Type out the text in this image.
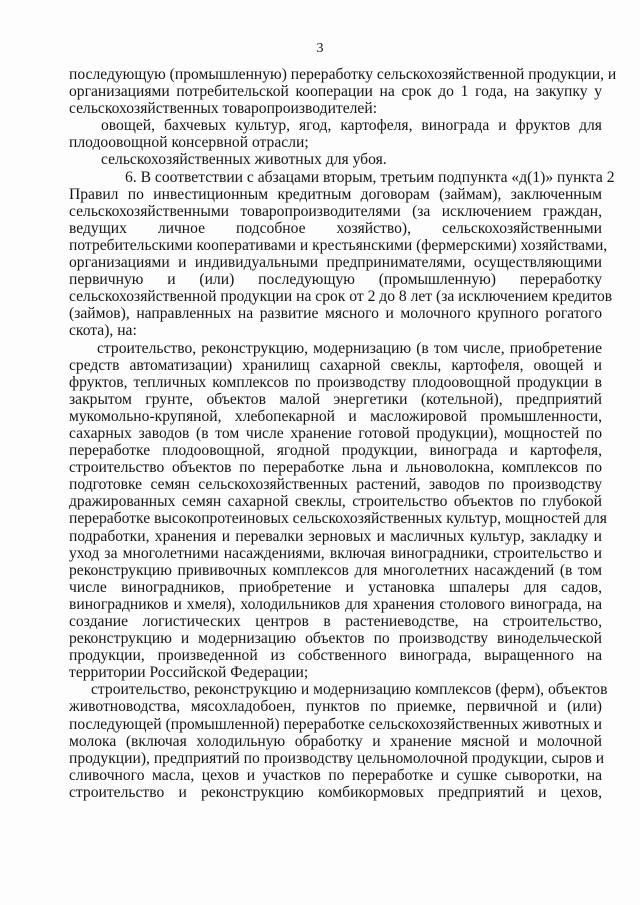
3
последующую (промышленную) переработку сельскохозяйственной продукции, и
организациями потребительской кооперации на срок до 1 года, на закупку у
сельскохозяйственных товаропроизводителей:
овощей, бахчевых культур, ягод, картофеля, винограда и фруктов для
плодоовощной консервной отрасли;
сельскохозяйственных животных для убоя.
6. В соответствии с абзацами вторым, третьим подпункта «д(1)» пункта 2
Правил по инвестиционным кредитным договорам (займам), заключенным
сельскохозяйственными товаропроизводителями (за исключением граждан,
ведущих личное подсобное хозяйство), сельскохозяйственными
потребительскими кооперативами и крестьянскими (фермерскими) хозяйствами,
организациями и индивидуальными предпринимателями, осуществляющими
первичную и (или) последующую (промышленную) переработку
сельскохозяйственной продукции на срок от 2 до 8 лет (за исключением кредитов
(займов), направленных на развитие мясного и молочного крупного рогатого
скота), на:
строительство, реконструкцию, модернизацию (в том числе, приобретение
средств автоматизации) хранилищ сахарной свеклы, картофеля, овощей и
фруктов, тепличных комплексов по производству плодоовощной продукции в
закрытом грунте, объектов малой энергетики (котельной), предприятий
мукомольно-крупяной, хлебопекарной и масложировой промышленности,
сахарных заводов (в том числе хранение готовой продукции), мощностей по
переработке плодоовощной, ягодной продукции, винограда и картофеля,
строительство объектов по переработке льна и льноволокна, комплексов по
подготовке семян сельскохозяйственных растений, заводов по производству
дражированных семян сахарной свеклы, строительство объектов по глубокой
переработке высокопротеиновых сельскохозяйственных культур, мощностей для
подработки, хранения и перевалки зерновых и масличных культур, закладку и
уход за многолетними насаждениями, включая виноградники, строительство и
реконструкцию прививочных комплексов для многолетних насаждений (в том
числе виноградников, приобретение и установка шпалеры для садов,
виноградников и хмеля), холодильников для хранения столового винограда, на
создание логистических центров в растениеводстве, на строительство,
реконструкцию и модернизацию объектов по производству винодельческой
продукции, произведенной из собственного винограда, выращенного на
территории Российской Федерации;
строительство, реконструкцию и модернизацию комплексов (ферм), объектов
животноводства, мясохладобоен, пунктов по приемке, первичной и (или)
последующей (промышленной) переработке сельскохозяйственных животных и
молока (включая холодильную обработку и хранение мясной и молочной
продукции), предприятий по производству цельномолочной продукции, сыров и
сливочного масла, цехов и участков по переработке и сушке сыворотки, на
строительство и реконструкцию комбикормовых предприятий и цехов,
